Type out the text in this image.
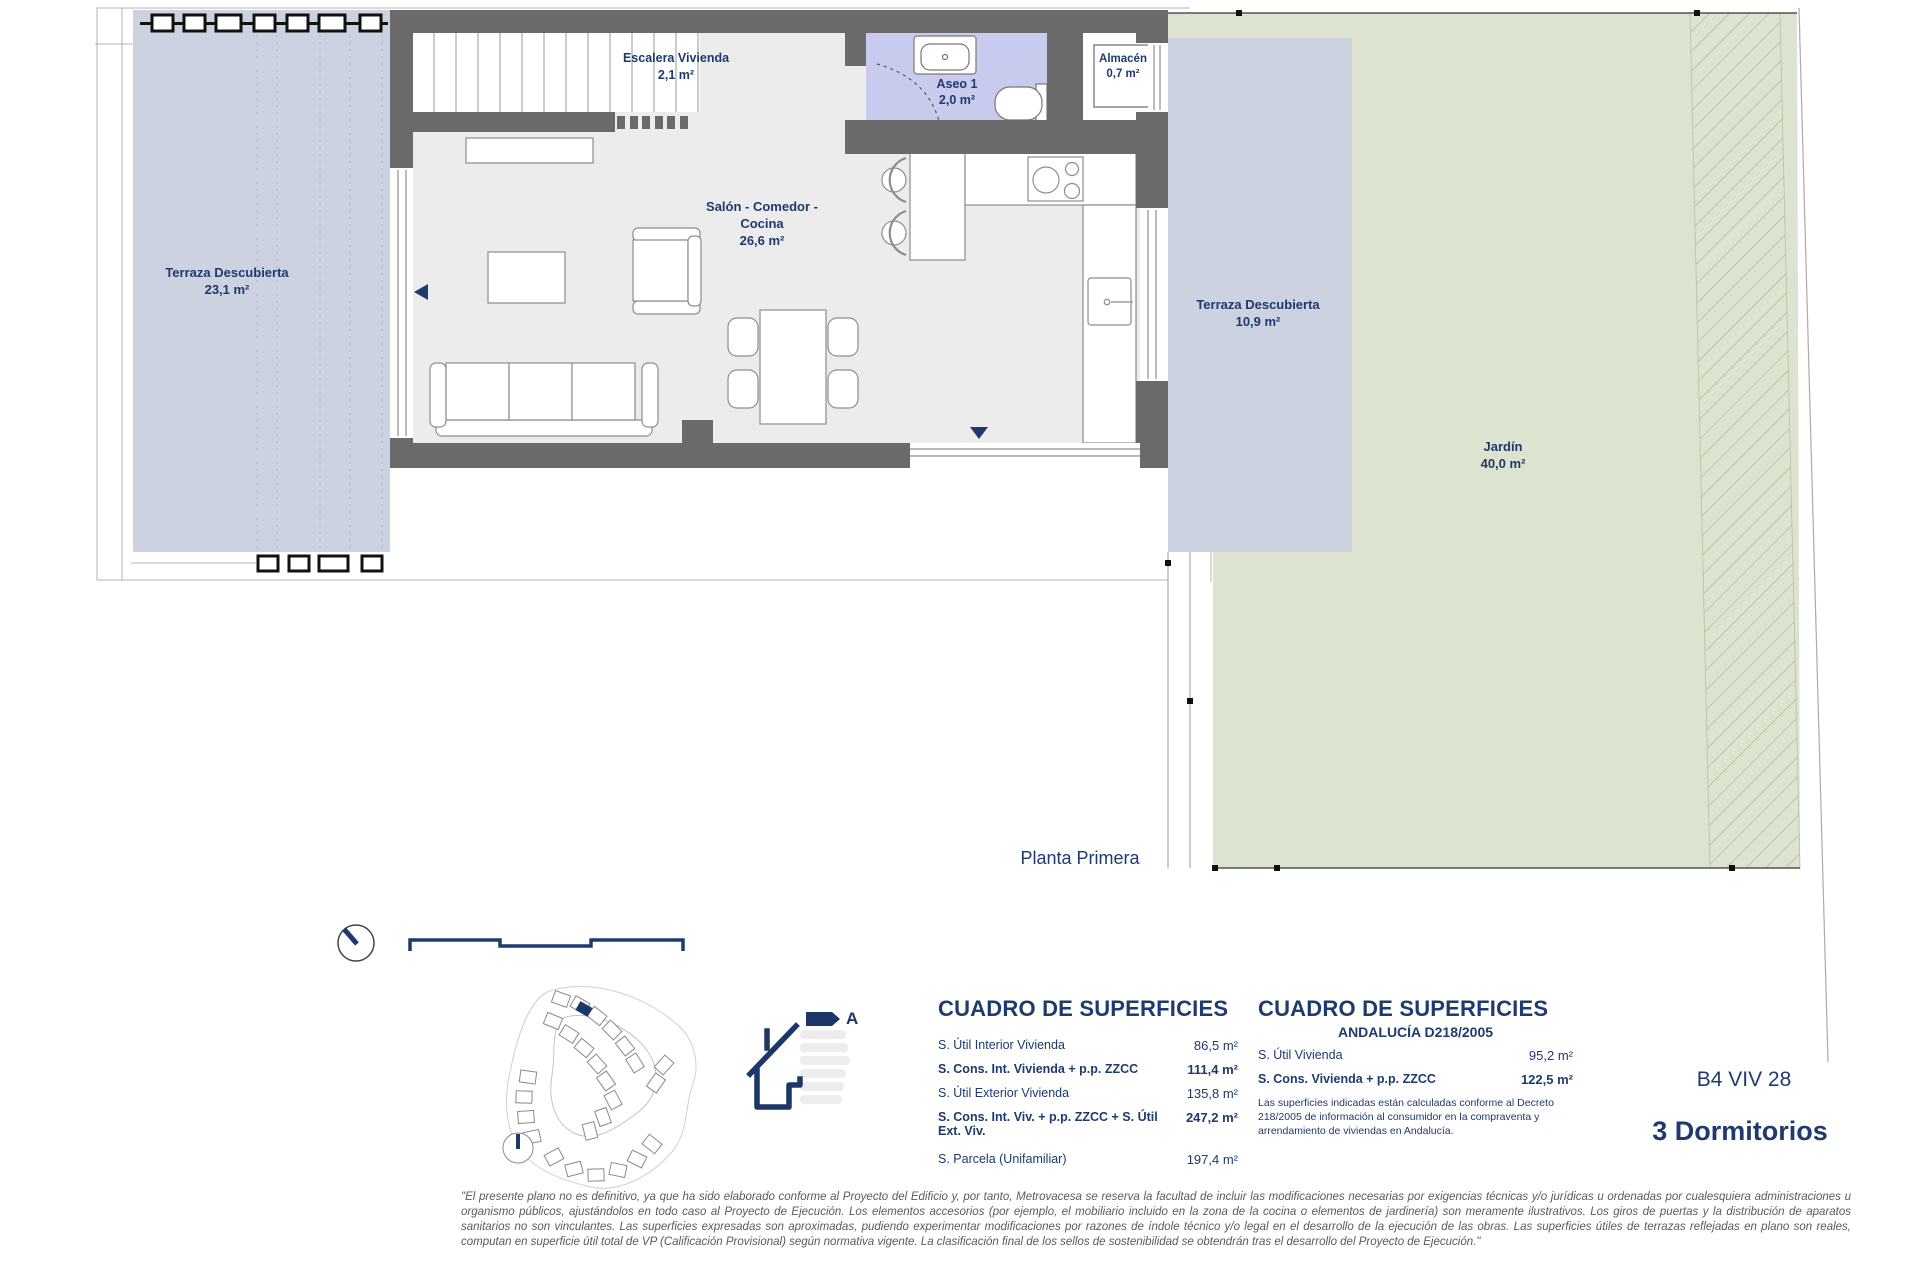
Terraza Descubierta
23,1 m²
Escalera Vivienda
2,1 m²
Aseo 1
2,0 m²
Almacén
0,7 m²
Salón - Comedor -
Cocina
26,6 m²
Terraza Descubierta
10,9 m²
Jardín
40,0 m²
Planta Primera
A	CUADRO DE SUPERFICIES
S. Útil Interior Vivienda	86,5 m²
S. Cons. Int. Vivienda + p.p. ZZCC	111,4 m²
S. Útil Exterior Vivienda	135,8 m²
S. Cons. Int. Viv. + p.p. ZZCC + S. Útil Ext. Viv.
247,2 m²
S. Parcela (Unifamiliar)	197,4 m²
CUADRO DE SUPERFICIES
ANDALUCÍA D218/2005
S. Útil Vivienda	95,2 m²
S. Cons. Vivienda + p.p. ZZCC	122,5 m²
Las superficies indicadas están calculadas conforme al Decreto 218/2005 de información al consumidor en la compraventa y arrendamiento de viviendas en Andalucía.
B4 VIV 28
3 Dormitorios
"El presente plano no es definitivo, ya que ha sido elaborado conforme al Proyecto del Edificio y, por tanto, Metrovacesa se reserva la facultad de incluir las modificaciones necesarias por exigencias técnicas y/o jurídicas u ordenadas por cualesquiera administraciones u organismo públicos, ajustándolos en todo caso al Proyecto de Ejecución. Los elementos accesorios (por ejemplo, el mobiliario incluido en la zona de la cocina o elementos de jardinería) son meramente ilustrativos. Los giros de puertas y la distribución de aparatos sanitarios no son vinculantes. Las superficies expresadas son aproximadas, pudiendo experimentar modificaciones por razones de índole técnico y/o legal en el desarrollo de la ejecución de las obras. Las superficies útiles de terrazas reflejadas en plano son reales, computan en superficie útil total de VP (Calificación Provisional) según normativa vigente. La clasificación final de los sellos de sostenibilidad se obtendrán tras el desarrollo del Proyecto de Ejecución."
